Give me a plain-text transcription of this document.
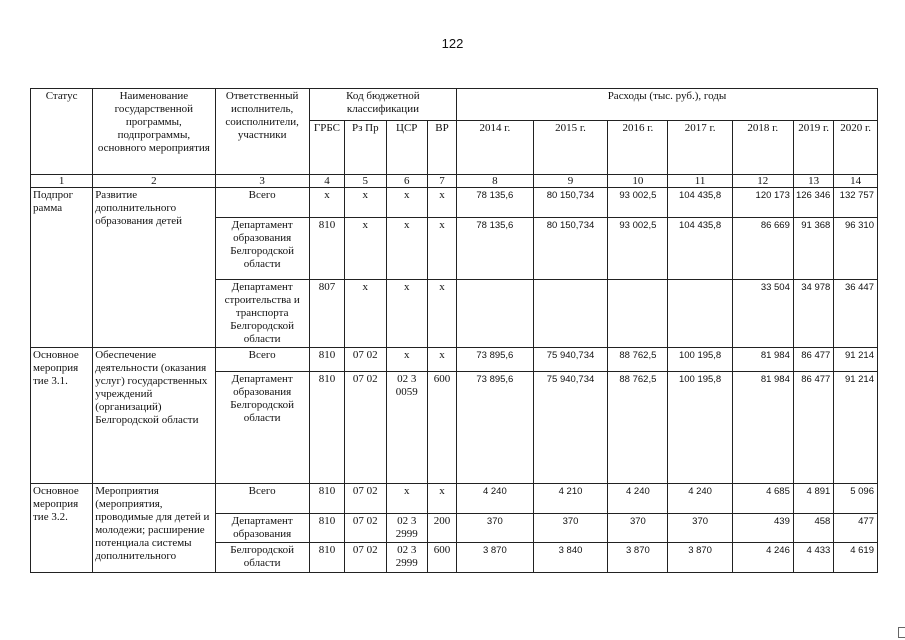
122
Статус	Наименование государственной программы, подпрограммы, основного мероприятия	Ответственный исполнитель, соисполнители, участники	Код бюджетной классификации				Расходы (тыс. руб.), годы						
			ГРБС	Рз Пр	ЦСР	ВР	2014 г.	2015 г.	2016 г.	2017 г.	2018 г.	2019 г.	2020 г.
1	2	3	4	5	6	7	8	9	10	11	12	13	14
Подпрог рамма	Развитие дополнительного образования детей	Всего	х	х	х	х	78 135,6	80 150,734	93 002,5	104 435,8	120 173	126 346	132 757
		Департамент образования Белгородской области	810	х	х	х	78 135,6	80 150,734	93 002,5	104 435,8	86 669	91 368	96 310
		Департамент строительства и транспорта Белгородской области	807	х	х	х					33 504	34 978	36 447
Основное мероприя тие 3.1.	Обеспечение деятельности (оказания услуг) государственных учреждений (организаций) Белгородской области	Всего	810	07 02	х	х	73 895,6	75 940,734	88 762,5	100 195,8	81 984	86 477	91 214
		Департамент образования Белгородской области	810	07 02	02 3 0059	600	73 895,6	75 940,734	88 762,5	100 195,8	81 984	86 477	91 214
Основное мероприя тие 3.2.	Мероприятия (мероприятия, проводимые для детей и молодежи; расширение потенциала системы дополнительного	Всего	810	07 02	х	х	4 240	4 210	4 240	4 240	4 685	4 891	5 096
		Департамент образования	810	07 02	02 3 2999	200	370	370	370	370	439	458	477
		Белгородской области	810	07 02	02 3 2999	600	3 870	3 840	3 870	3 870	4 246	4 433	4 619
